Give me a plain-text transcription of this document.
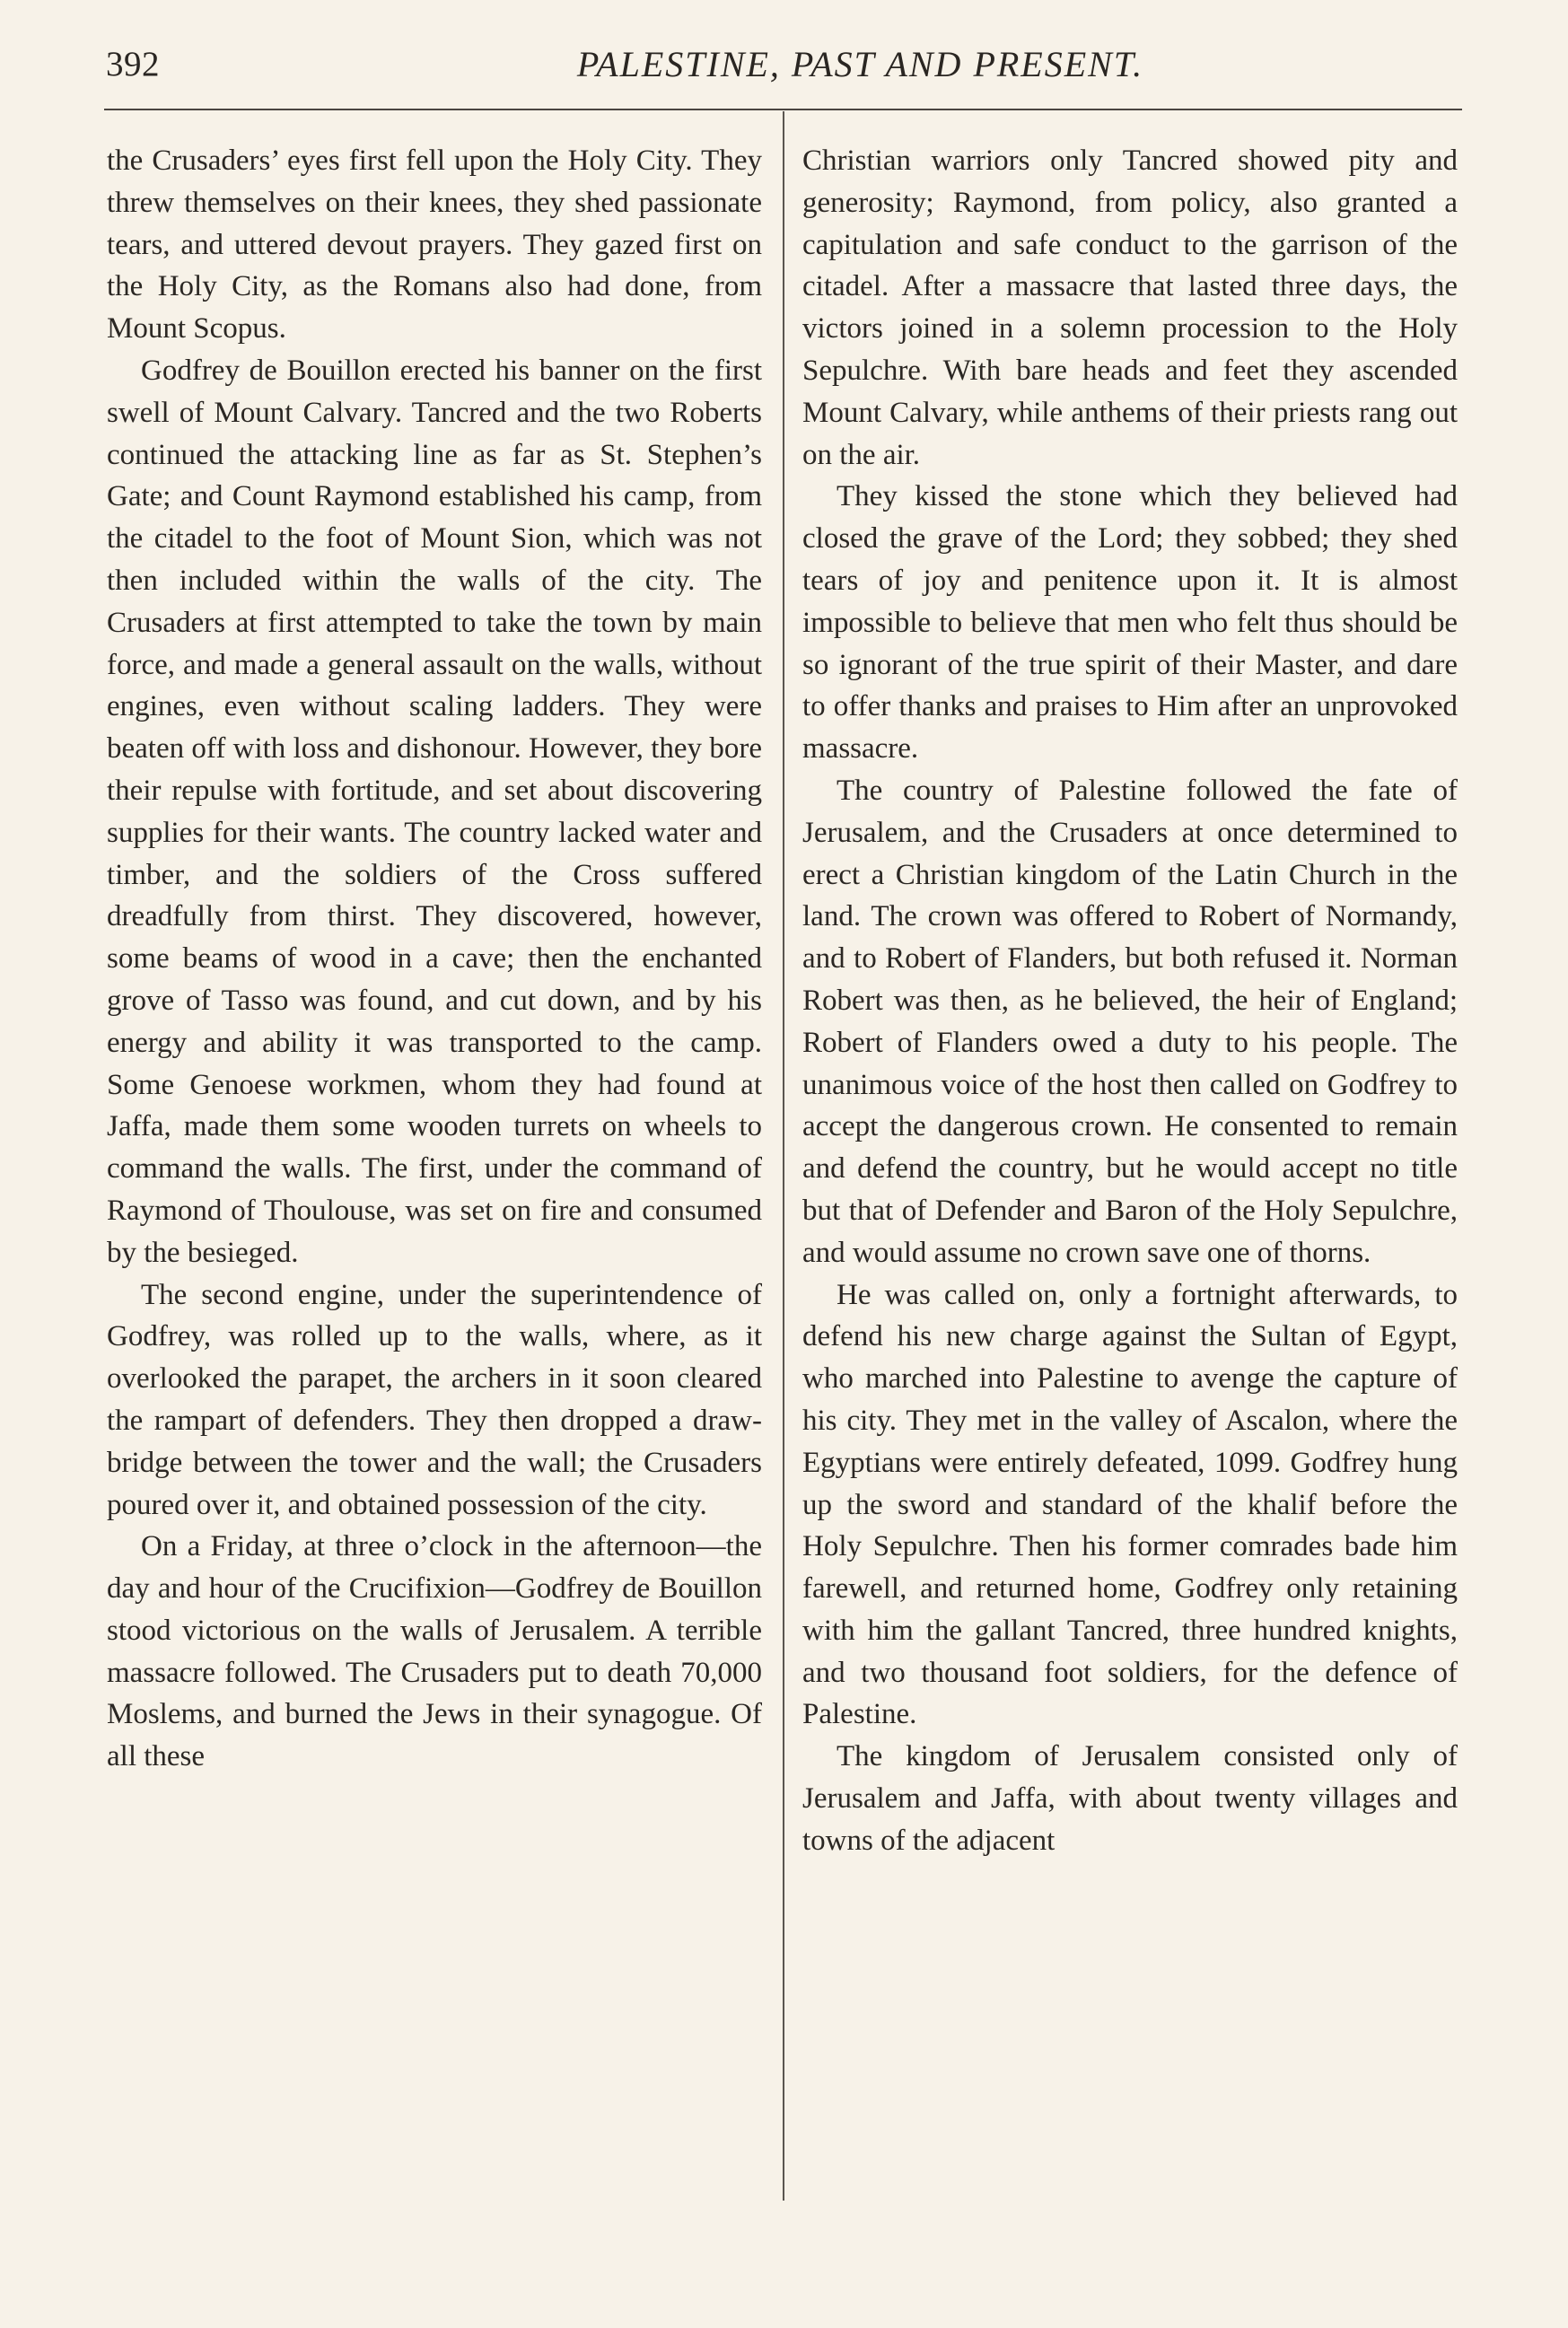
392	PALESTINE, PAST AND PRESENT.

the Crusaders’ eyes first fell upon the Holy City. They threw themselves on their knees, they shed passionate tears, and uttered devout prayers. They gazed first on the Holy City, as the Romans also had done, from Mount Scopus.

Godfrey de Bouillon erected his banner on the first swell of Mount Calvary. Tancred and the two Roberts continued the attacking line as far as St. Stephen’s Gate; and Count Raymond established his camp, from the citadel to the foot of Mount Sion, which was not then included within the walls of the city. The Crusaders at first attempted to take the town by main force, and made a general assault on the walls, without engines, even without scaling ladders. They were beaten off with loss and dishonour. However, they bore their repulse with fortitude, and set about discovering supplies for their wants. The country lacked water and timber, and the soldiers of the Cross suffered dreadfully from thirst. They discovered, however, some beams of wood in a cave; then the enchanted grove of Tasso was found, and cut down, and by his energy and ability it was transported to the camp. Some Genoese workmen, whom they had found at Jaffa, made them some wooden turrets on wheels to command the walls. The first, under the command of Raymond of Thoulouse, was set on fire and consumed by the besieged.

The second engine, under the superintendence of Godfrey, was rolled up to the walls, where, as it overlooked the parapet, the archers in it soon cleared the rampart of defenders. They then dropped a drawbridge between the tower and the wall; the Crusaders poured over it, and obtained possession of the city.

On a Friday, at three o’clock in the afternoon—the day and hour of the Crucifixion—Godfrey de Bouillon stood victorious on the walls of Jerusalem. A terrible massacre followed. The Crusaders put to death 70,000 Moslems, and burned the Jews in their synagogue. Of all these

Christian warriors only Tancred showed pity and generosity; Raymond, from policy, also granted a capitulation and safe conduct to the garrison of the citadel. After a massacre that lasted three days, the victors joined in a solemn procession to the Holy Sepulchre. With bare heads and feet they ascended Mount Calvary, while anthems of their priests rang out on the air.

They kissed the stone which they believed had closed the grave of the Lord; they sobbed; they shed tears of joy and penitence upon it. It is almost impossible to believe that men who felt thus should be so ignorant of the true spirit of their Master, and dare to offer thanks and praises to Him after an unprovoked massacre.

The country of Palestine followed the fate of Jerusalem, and the Crusaders at once determined to erect a Christian kingdom of the Latin Church in the land. The crown was offered to Robert of Normandy, and to Robert of Flanders, but both refused it. Norman Robert was then, as he believed, the heir of England; Robert of Flanders owed a duty to his people. The unanimous voice of the host then called on Godfrey to accept the dangerous crown. He consented to remain and defend the country, but he would accept no title but that of Defender and Baron of the Holy Sepulchre, and would assume no crown save one of thorns.

He was called on, only a fortnight afterwards, to defend his new charge against the Sultan of Egypt, who marched into Palestine to avenge the capture of his city. They met in the valley of Ascalon, where the Egyptians were entirely defeated, 1099. Godfrey hung up the sword and standard of the khalif before the Holy Sepulchre. Then his former comrades bade him farewell, and returned home, Godfrey only retaining with him the gallant Tancred, three hundred knights, and two thousand foot soldiers, for the defence of Palestine.

The kingdom of Jerusalem consisted only of Jerusalem and Jaffa, with about twenty villages and towns of the adjacent
